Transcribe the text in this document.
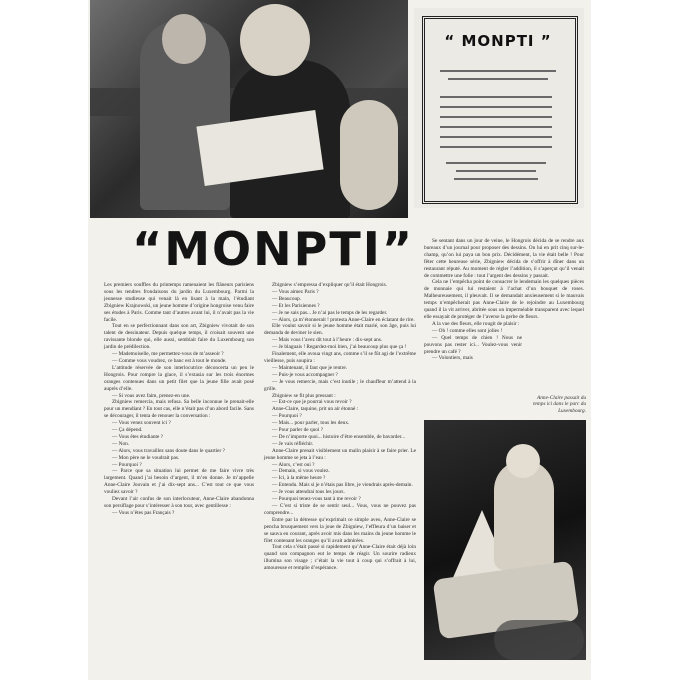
“ MONPTI ”
“MONPTI”

Les premiers souffles du printemps ramenaient les flâneurs parisiens sous les tendres frondaisons du jardin du Luxembourg. Parmi la jeunesse studieuse qui venait là en lisant à la main, l’étudiant Zbigniew Krajnowski, un jeune homme d’origine hongroise venu faire ses études à Paris. Comme tant d’autres avant lui, il n’avait pas la vie facile.

Tout en se perfectionnant dans son art, Zbigniew vivotait de son talent de dessinateur. Depuis quelque temps, il croisait souvent une ravissante blonde qui, elle aussi, semblait faire du Luxembourg son jardin de prédilection.

— Mademoiselle, me permettez-vous de m’asseoir ?

— Comme vous voudrez, ce banc est à tout le monde.

L’attitude réservée de son interlocutrice déconcerta un peu le Hongrois. Pour rompre la glace, il s’extasia sur les trois énormes oranges contenues dans un petit filet que la jeune fille avait posé auprès d’elle.

— Si vous avez faim, prenez-en une.

Zbigniew remercia, mais refusa. Sa belle inconnue le prenait-elle pour un mendiant ? En tout cas, elle n’était pas d’un abord facile. Sans se décourager, il tenta de renouer la conversation :

— Vous venez souvent ici ?

— Ça dépend.

— Vous êtes étudiante ?

— Non.

— Alors, vous travaillez sans doute dans le quartier ?

— Mon père ne le voudrait pas.

— Pourquoi ?

— Parce que sa situation lui permet de me faire vivre très largement. Quand j’ai besoin d’argent, il m’en donne. Je m’appelle Anne-Claire Jouvain et j’ai dix-sept ans... C’est tout ce que vous vouliez savoir ?

Devant l’air confus de son interlocuteur, Anne-Claire abandonna son persiflage pour s’intéresser à son tour, avec gentillesse :

— Vous n’êtes pas Français ?

Zbigniew s’empressa d’expliquer qu’il était Hongrois.

— Vous aimez Paris ?

— Beaucoup.

— Et les Parisiennes ?

— Je ne sais pas... Je n’ai pas le temps de les regarder.

— Alors, ça m’étonnerait ! protesta Anne-Claire en éclatant de rire.

Elle voulut savoir si le jeune homme était marié, son âge, puis lui demanda de deviner le sien.

— Mais vous l’avez dit tout à l’heure : dix-sept ans.

— Je blaguais ! Regardez-moi bien, j’ai beaucoup plus que ça !

Finalement, elle avoua vingt ans, comme s’il se fût agi de l’extrême vieillesse, puis soupira :

— Maintenant, il faut que je rentre.

— Puis-je vous accompagner ?

— Je vous remercie, mais c’est inutile ; le chauffeur m’attend à la grille.

Zbigniew se fit plus pressant :

— Est-ce que je pourrai vous revoir ?

Anne-Claire, taquine, prit un air étonné :

— Pourquoi ?

— Mais... pour parler, tous les deux.

— Pour parler de quoi ?

— De n’importe quoi... histoire d’être ensemble, de bavarder...

— Je vais réfléchir.

Anne-Claire prenait visiblement un malin plaisir à se faire prier. Le jeune homme se jeta à l’eau :

— Alors, c’est oui ?

— Demain, si vous voulez.

— Ici, à la même heure ?

— Entendu. Mais si je n’étais pas libre, je viendrais après-demain.

— Je vous attendrai tous les jours.

— Pourquoi tenez-vous tant à me revoir ?

— C’est si triste de se sentir seul... Vous, vous ne pouvez pas comprendre...

Entre par la détresse qu’exprimait ce simple aveu, Anne-Claire se pencha brusquement vers la joue de Zbigniew, l’effleura d’un baiser et se sauva en courant, après avoir mis dans les mains du jeune homme le filet contenant les oranges qu’il avait admirées.

Tout cela s’était passé si rapidement qu’Anne-Claire était déjà loin quand son compagnon eut le temps de réagir. Un sourire radieux illumina son visage ; c’était la vie tout à coup qui s’offrait à lui, amoureuse et remplie d’espérance.

Se sentant dans un jour de veine, le Hongrois décida de se rendre aux bureaux d’un journal pour proposer des dessins. On lui en prit cinq sur-le-champ, qu’on lui paya un bon prix. Décidément, la vie était belle ! Pour fêter cette heureuse série, Zbigniew décida de s’offrir à dîner dans un restaurant réputé. Au moment de régler l’addition, il s’aperçut qu’il venait de commettre une folie : tout l’argent des dessins y passait.

Cela ne l’empêcha point de consacrer le lendemain les quelques pièces de monnaie qui lui restaient à l’achat d’un bouquet de roses. Malheureusement, il pleuvait. Il se demandait anxieusement si le mauvais temps n’empêcherait pas Anne-Claire de le rejoindre au Luxembourg quand il la vit arriver, abritée sous un imperméable transparent avec lequel elle essayait de protéger de l’averse la gerbe de fleurs.

A la vue des fleurs, elle rougit de plaisir :

— Oh ! comme elles sont jolies !

— Quel temps de chien ! Nous ne pouvons pas rester ici... Voulez-vous venir prendre un café ?

— Volontiers, mais

Anne-Claire passait du temps ici dans le parc du Luxembourg.
